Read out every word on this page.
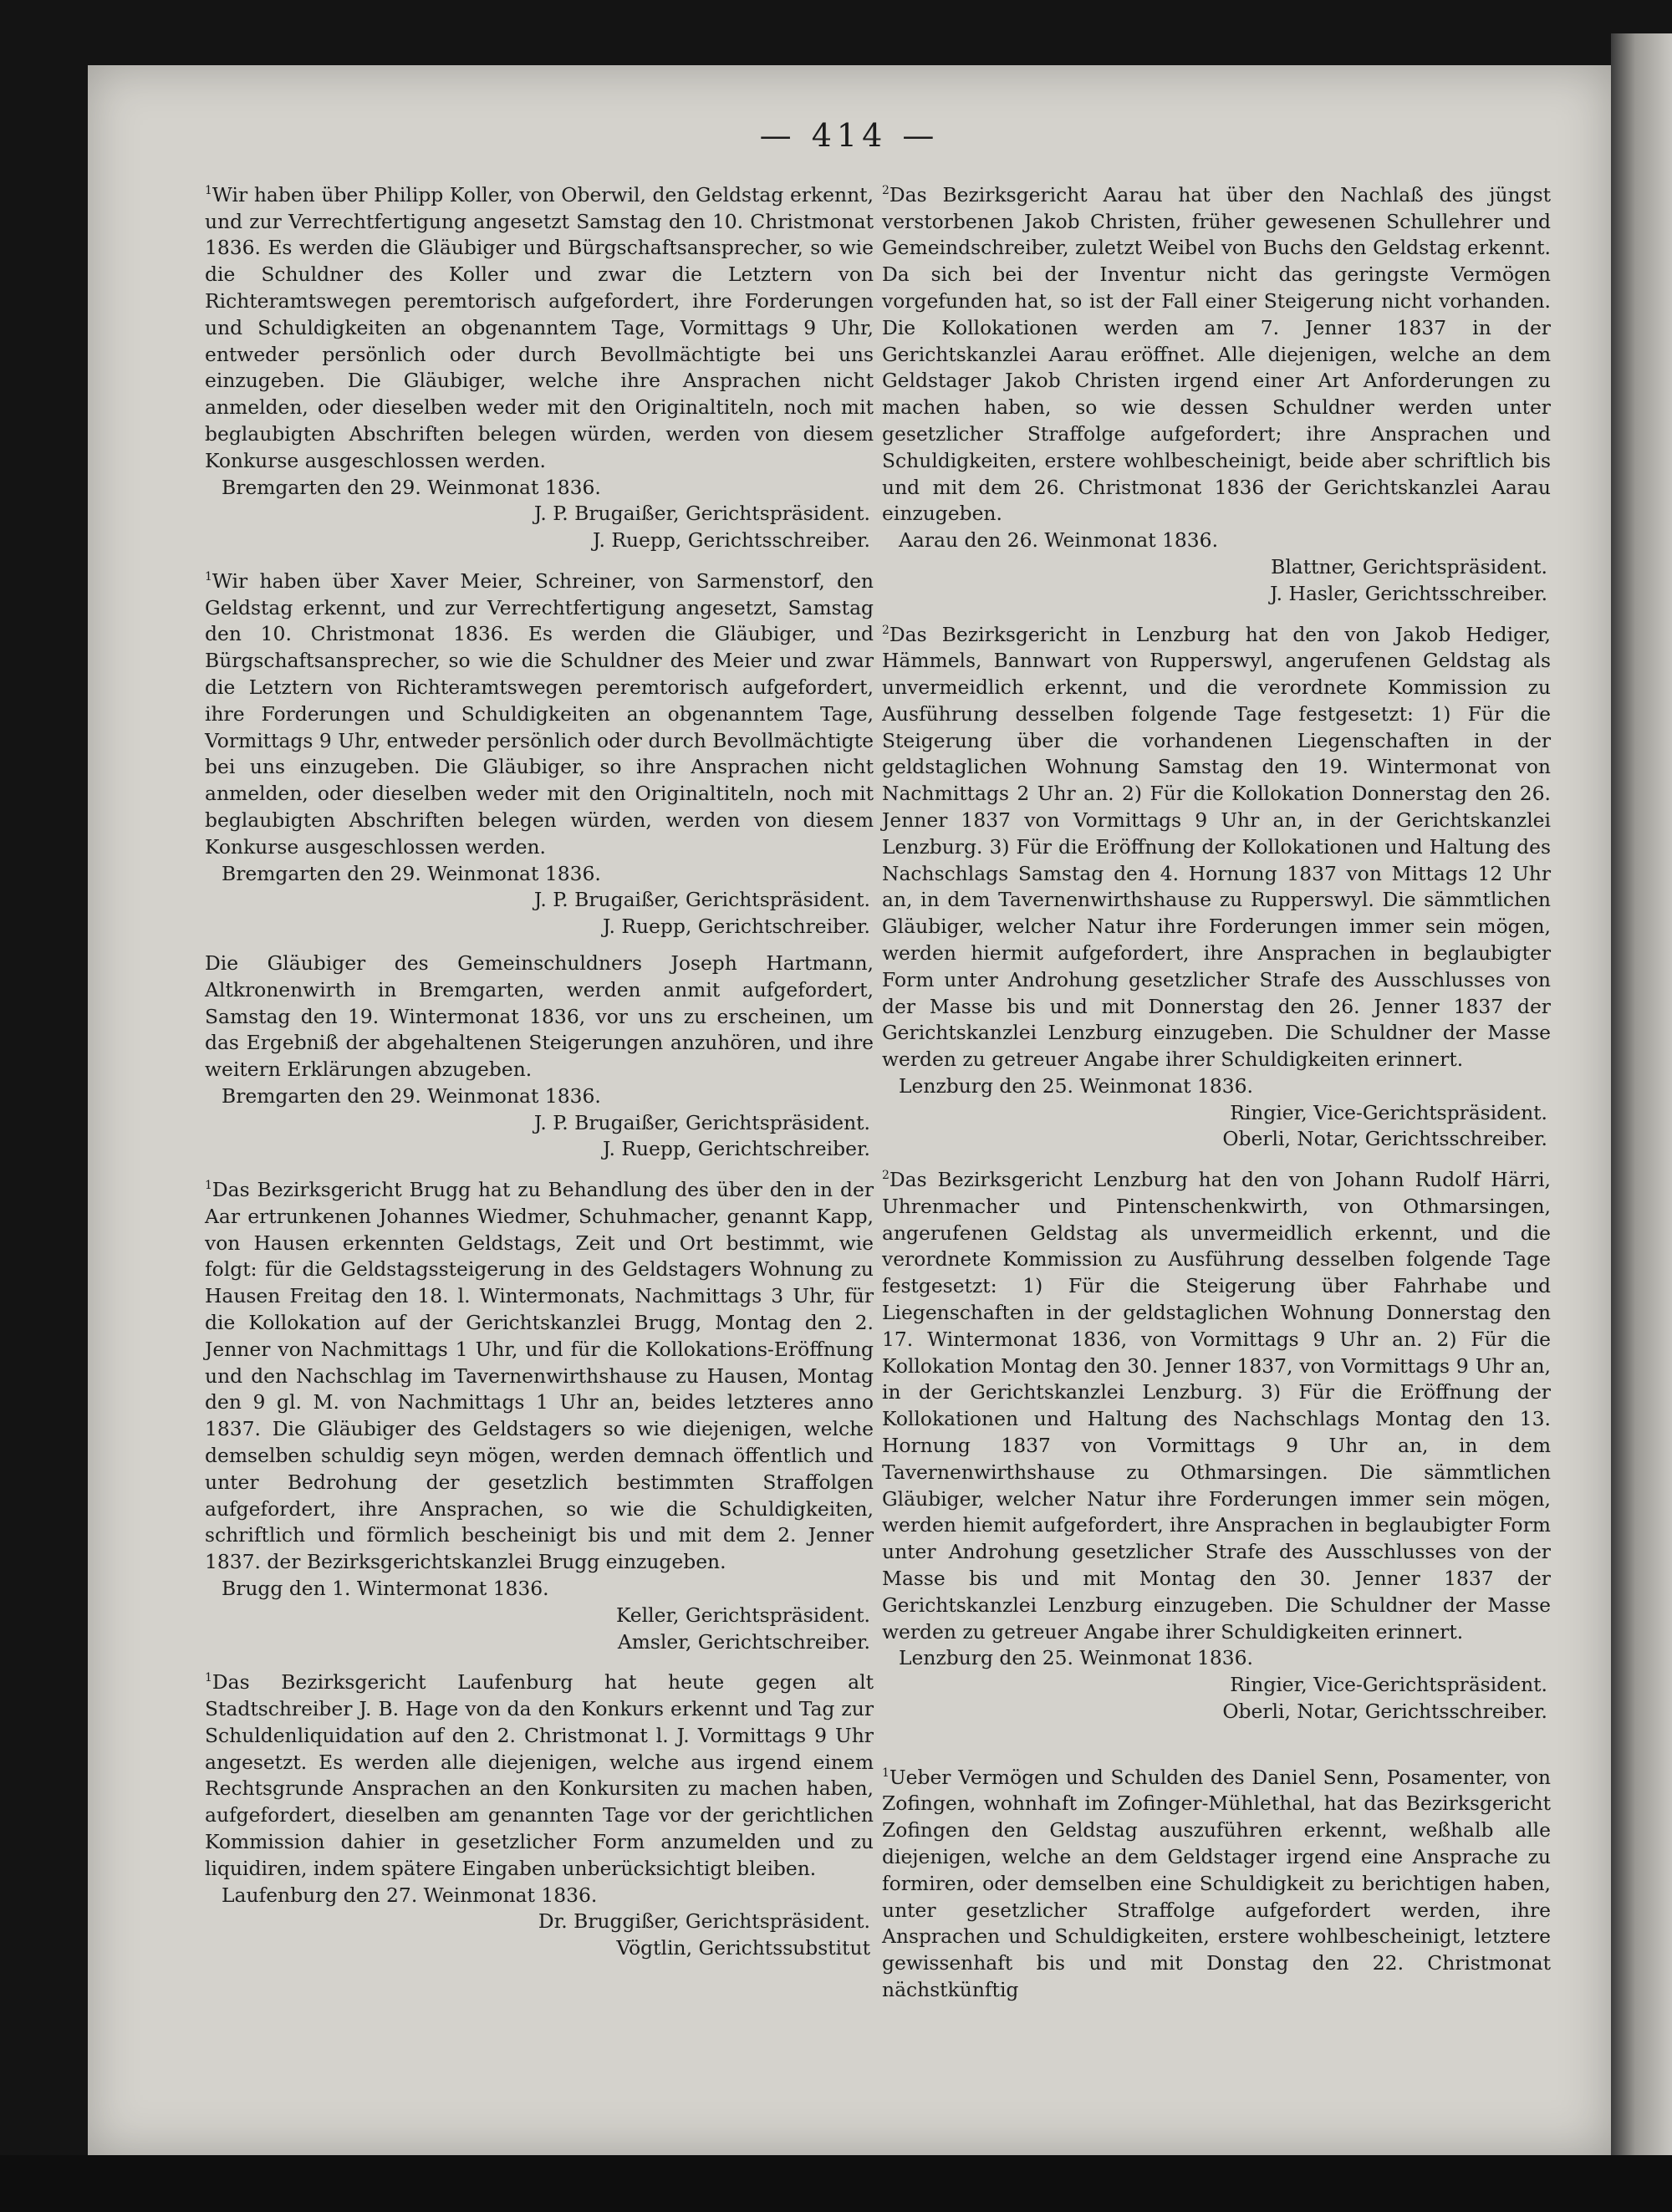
— 414 —

$^1$Wir haben über Philipp Koller, von Oberwil, den Geldstag erkennt, und zur Verrechtfertigung angesetzt Samstag den 10. Christmonat 1836. Es werden die Gläubiger und Bürgschaftsansprecher, so wie die Schuldner des Koller und zwar die Letztern von Richteramtswegen peremtorisch aufgefordert, ihre Forderungen und Schuldigkeiten an obgenanntem Tage, Vormittags 9 Uhr, entweder persönlich oder durch Bevollmächtigte bei uns einzugeben. Die Gläubiger, welche ihre Ansprachen nicht anmelden, oder dieselben weder mit den Originaltiteln, noch mit beglaubigten Abschriften belegen würden, werden von diesem Konkurse ausgeschlossen werden.

Bremgarten den 29. Weinmonat 1836.
J. P. Brugaißer, Gerichtspräsident.
J. Ruepp, Gerichtsschreiber.

$^1$Wir haben über Xaver Meier, Schreiner, von Sarmenstorf, den Geldstag erkennt, und zur Verrechtfertigung angesetzt, Samstag den 10. Christmonat 1836. Es werden die Gläubiger, und Bürgschaftsansprecher, so wie die Schuldner des Meier und zwar die Letztern von Richteramtswegen peremtorisch aufgefordert, ihre Forderungen und Schuldigkeiten an obgenanntem Tage, Vormittags 9 Uhr, entweder persönlich oder durch Bevollmächtigte bei uns einzugeben. Die Gläubiger, so ihre Ansprachen nicht anmelden, oder dieselben weder mit den Originaltiteln, noch mit beglaubigten Abschriften belegen würden, werden von diesem Konkurse ausgeschlossen werden.

Bremgarten den 29. Weinmonat 1836.
J. P. Brugaißer, Gerichtspräsident.
J. Ruepp, Gerichtschreiber.

Die Gläubiger des Gemeinschuldners Joseph Hartmann, Altkronenwirth in Bremgarten, werden anmit aufgefordert, Samstag den 19. Wintermonat 1836, vor uns zu erscheinen, um das Ergebniß der abgehaltenen Steigerungen anzuhören, und ihre weitern Erklärungen abzugeben.

Bremgarten den 29. Weinmonat 1836.
J. P. Brugaißer, Gerichtspräsident.
J. Ruepp, Gerichtschreiber.

$^1$Das Bezirksgericht Brugg hat zu Behandlung des über den in der Aar ertrunkenen Johannes Wiedmer, Schuhmacher, genannt Kapp, von Hausen erkennten Geldstags, Zeit und Ort bestimmt, wie folgt: für die Geldstagssteigerung in des Geldstagers Wohnung zu Hausen Freitag den 18. l. Wintermonats, Nachmittags 3 Uhr, für die Kollokation auf der Gerichtskanzlei Brugg, Montag den 2. Jenner von Nachmittags 1 Uhr, und für die Kollokations-Eröffnung und den Nachschlag im Tavernenwirthshause zu Hausen, Montag den 9 gl. M. von Nachmittags 1 Uhr an, beides letzteres anno 1837. Die Gläubiger des Geldstagers so wie diejenigen, welche demselben schuldig seyn mögen, werden demnach öffentlich und unter Bedrohung der gesetzlich bestimmten Straffolgen aufgefordert, ihre Ansprachen, so wie die Schuldigkeiten, schriftlich und förmlich bescheinigt bis und mit dem 2. Jenner 1837. der Bezirksgerichtskanzlei Brugg einzugeben.

Brugg den 1. Wintermonat 1836.
Keller, Gerichtspräsident.
Amsler, Gerichtschreiber.

$^1$Das Bezirksgericht Laufenburg hat heute gegen alt Stadtschreiber J. B. Hage von da den Konkurs erkennt und Tag zur Schuldenliquidation auf den 2. Christmonat l. J. Vormittags 9 Uhr angesetzt. Es werden alle diejenigen, welche aus irgend einem Rechtsgrunde Ansprachen an den Konkursiten zu machen haben, aufgefordert, dieselben am genannten Tage vor der gerichtlichen Kommission dahier in gesetzlicher Form anzumelden und zu liquidiren, indem spätere Eingaben unberücksichtigt bleiben.

Laufenburg den 27. Weinmonat 1836.
Dr. Bruggißer, Gerichtspräsident.
Vögtlin, Gerichtssubstitut

$^2$Das Bezirksgericht Aarau hat über den Nachlaß des jüngst verstorbenen Jakob Christen, früher gewesenen Schullehrer und Gemeindschreiber, zuletzt Weibel von Buchs den Geldstag erkennt. Da sich bei der Inventur nicht das geringste Vermögen vorgefunden hat, so ist der Fall einer Steigerung nicht vorhanden. Die Kollokationen werden am 7. Jenner 1837 in der Gerichtskanzlei Aarau eröffnet. Alle diejenigen, welche an dem Geldstager Jakob Christen irgend einer Art Anforderungen zu machen haben, so wie dessen Schuldner werden unter gesetzlicher Straffolge aufgefordert; ihre Ansprachen und Schuldigkeiten, erstere wohlbescheinigt, beide aber schriftlich bis und mit dem 26. Christmonat 1836 der Gerichtskanzlei Aarau einzugeben.

Aarau den 26. Weinmonat 1836.
Blattner, Gerichtspräsident.
J. Hasler, Gerichtsschreiber.

$^2$Das Bezirksgericht in Lenzburg hat den von Jakob Hediger, Hämmels, Bannwart von Rupperswyl, angerufenen Geldstag als unvermeidlich erkennt, und die verordnete Kommission zu Ausführung desselben folgende Tage festgesetzt: 1) Für die Steigerung über die vorhandenen Liegenschaften in der geldstaglichen Wohnung Samstag den 19. Wintermonat von Nachmittags 2 Uhr an. 2) Für die Kollokation Donnerstag den 26. Jenner 1837 von Vormittags 9 Uhr an, in der Gerichtskanzlei Lenzburg. 3) Für die Eröffnung der Kollokationen und Haltung des Nachschlags Samstag den 4. Hornung 1837 von Mittags 12 Uhr an, in dem Tavernenwirthshause zu Rupperswyl. Die sämmtlichen Gläubiger, welcher Natur ihre Forderungen immer sein mögen, werden hiermit aufgefordert, ihre Ansprachen in beglaubigter Form unter Androhung gesetzlicher Strafe des Ausschlusses von der Masse bis und mit Donnerstag den 26. Jenner 1837 der Gerichtskanzlei Lenzburg einzugeben. Die Schuldner der Masse werden zu getreuer Angabe ihrer Schuldigkeiten erinnert.

Lenzburg den 25. Weinmonat 1836.
Ringier, Vice-Gerichtspräsident.
Oberli, Notar, Gerichtsschreiber.

$^2$Das Bezirksgericht Lenzburg hat den von Johann Rudolf Härri, Uhrenmacher und Pintenschenkwirth, von Othmarsingen, angerufenen Geldstag als unvermeidlich erkennt, und die verordnete Kommission zu Ausführung desselben folgende Tage festgesetzt: 1) Für die Steigerung über Fahrhabe und Liegenschaften in der geldstaglichen Wohnung Donnerstag den 17. Wintermonat 1836, von Vormittags 9 Uhr an. 2) Für die Kollokation Montag den 30. Jenner 1837, von Vormittags 9 Uhr an, in der Gerichtskanzlei Lenzburg. 3) Für die Eröffnung der Kollokationen und Haltung des Nachschlags Montag den 13. Hornung 1837 von Vormittags 9 Uhr an, in dem Tavernenwirthshause zu Othmarsingen. Die sämmtlichen Gläubiger, welcher Natur ihre Forderungen immer sein mögen, werden hiemit aufgefordert, ihre Ansprachen in beglaubigter Form unter Androhung gesetzlicher Strafe des Ausschlusses von der Masse bis und mit Montag den 30. Jenner 1837 der Gerichtskanzlei Lenzburg einzugeben. Die Schuldner der Masse werden zu getreuer Angabe ihrer Schuldigkeiten erinnert.

Lenzburg den 25. Weinmonat 1836.
Ringier, Vice-Gerichtspräsident.
Oberli, Notar, Gerichtsschreiber.

$^1$Ueber Vermögen und Schulden des Daniel Senn, Posamenter, von Zofingen, wohnhaft im Zofinger-Mühlethal, hat das Bezirksgericht Zofingen den Geldstag auszuführen erkennt, weßhalb alle diejenigen, welche an dem Geldstager irgend eine Ansprache zu formiren, oder demselben eine Schuldigkeit zu berichtigen haben, unter gesetzlicher Straffolge aufgefordert werden, ihre Ansprachen und Schuldigkeiten, erstere wohlbescheinigt, letztere gewissenhaft bis und mit Donstag den 22. Christmonat nächstkünftig
